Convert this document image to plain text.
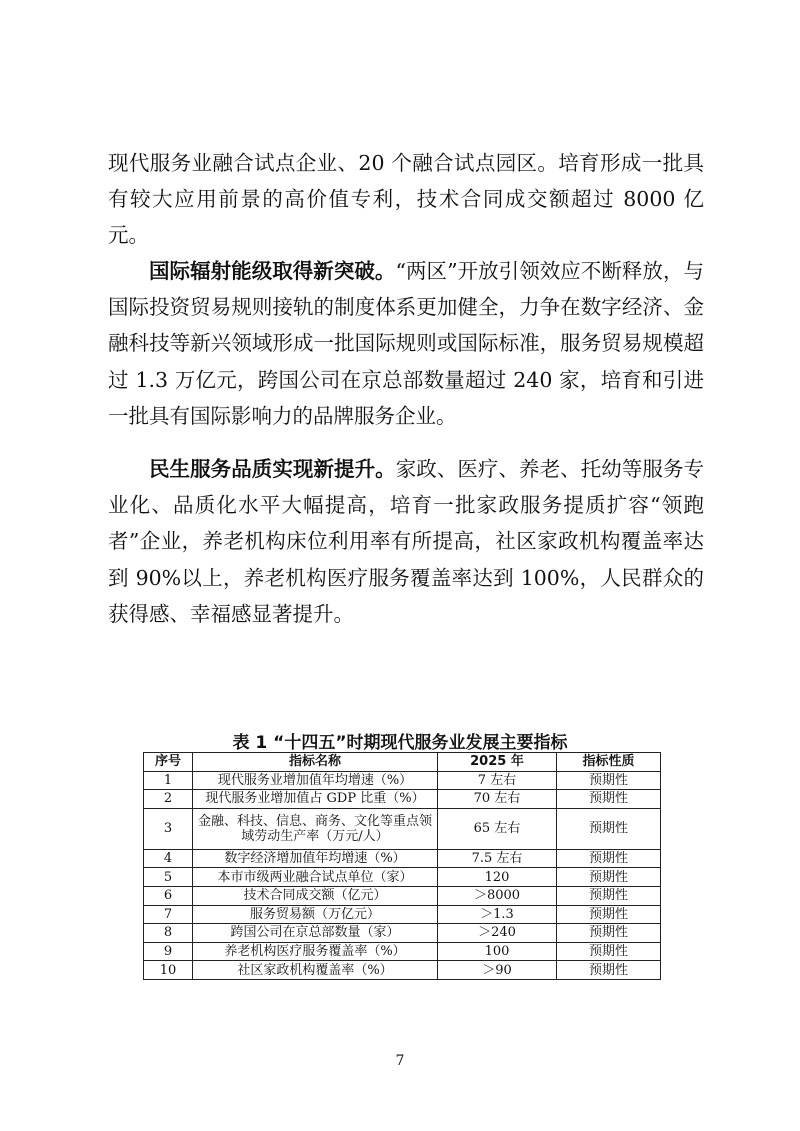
现代服务业融合试点企业、20 个融合试点园区。培育形成一批具有较大应用前景的高价值专利，技术合同成交额超过 8000 亿元。

国际辐射能级取得新突破。“两区”开放引领效应不断释放，与国际投资贸易规则接轨的制度体系更加健全，力争在数字经济、金融科技等新兴领域形成一批国际规则或国际标准，服务贸易规模超过 1.3 万亿元，跨国公司在京总部数量超过 240 家，培育和引进一批具有国际影响力的品牌服务企业。

民生服务品质实现新提升。家政、医疗、养老、托幼等服务专业化、品质化水平大幅提高，培育一批家政服务提质扩容“领跑者”企业，养老机构床位利用率有所提高，社区家政机构覆盖率达到 90%以上，养老机构医疗服务覆盖率达到 100%，人民群众的获得感、幸福感显著提升。

表 1 “十四五”时期现代服务业发展主要指标
序号	指标名称	2025 年	指标性质
1	现代服务业增加值年均增速（%）	7 左右	预期性
2	现代服务业增加值占 GDP 比重（%）	70 左右	预期性
3	金融、科技、信息、商务、文化等重点领域劳动生产率（万元/人）	65 左右	预期性
4	数字经济增加值年均增速（%）	7.5 左右	预期性
5	本市市级两业融合试点单位（家）	120	预期性
6	技术合同成交额（亿元）	＞8000	预期性
7	服务贸易额（万亿元）	＞1.3	预期性
8	跨国公司在京总部数量（家）	＞240	预期性
9	养老机构医疗服务覆盖率（%）	100	预期性
10	社区家政机构覆盖率（%）	＞90	预期性
7
